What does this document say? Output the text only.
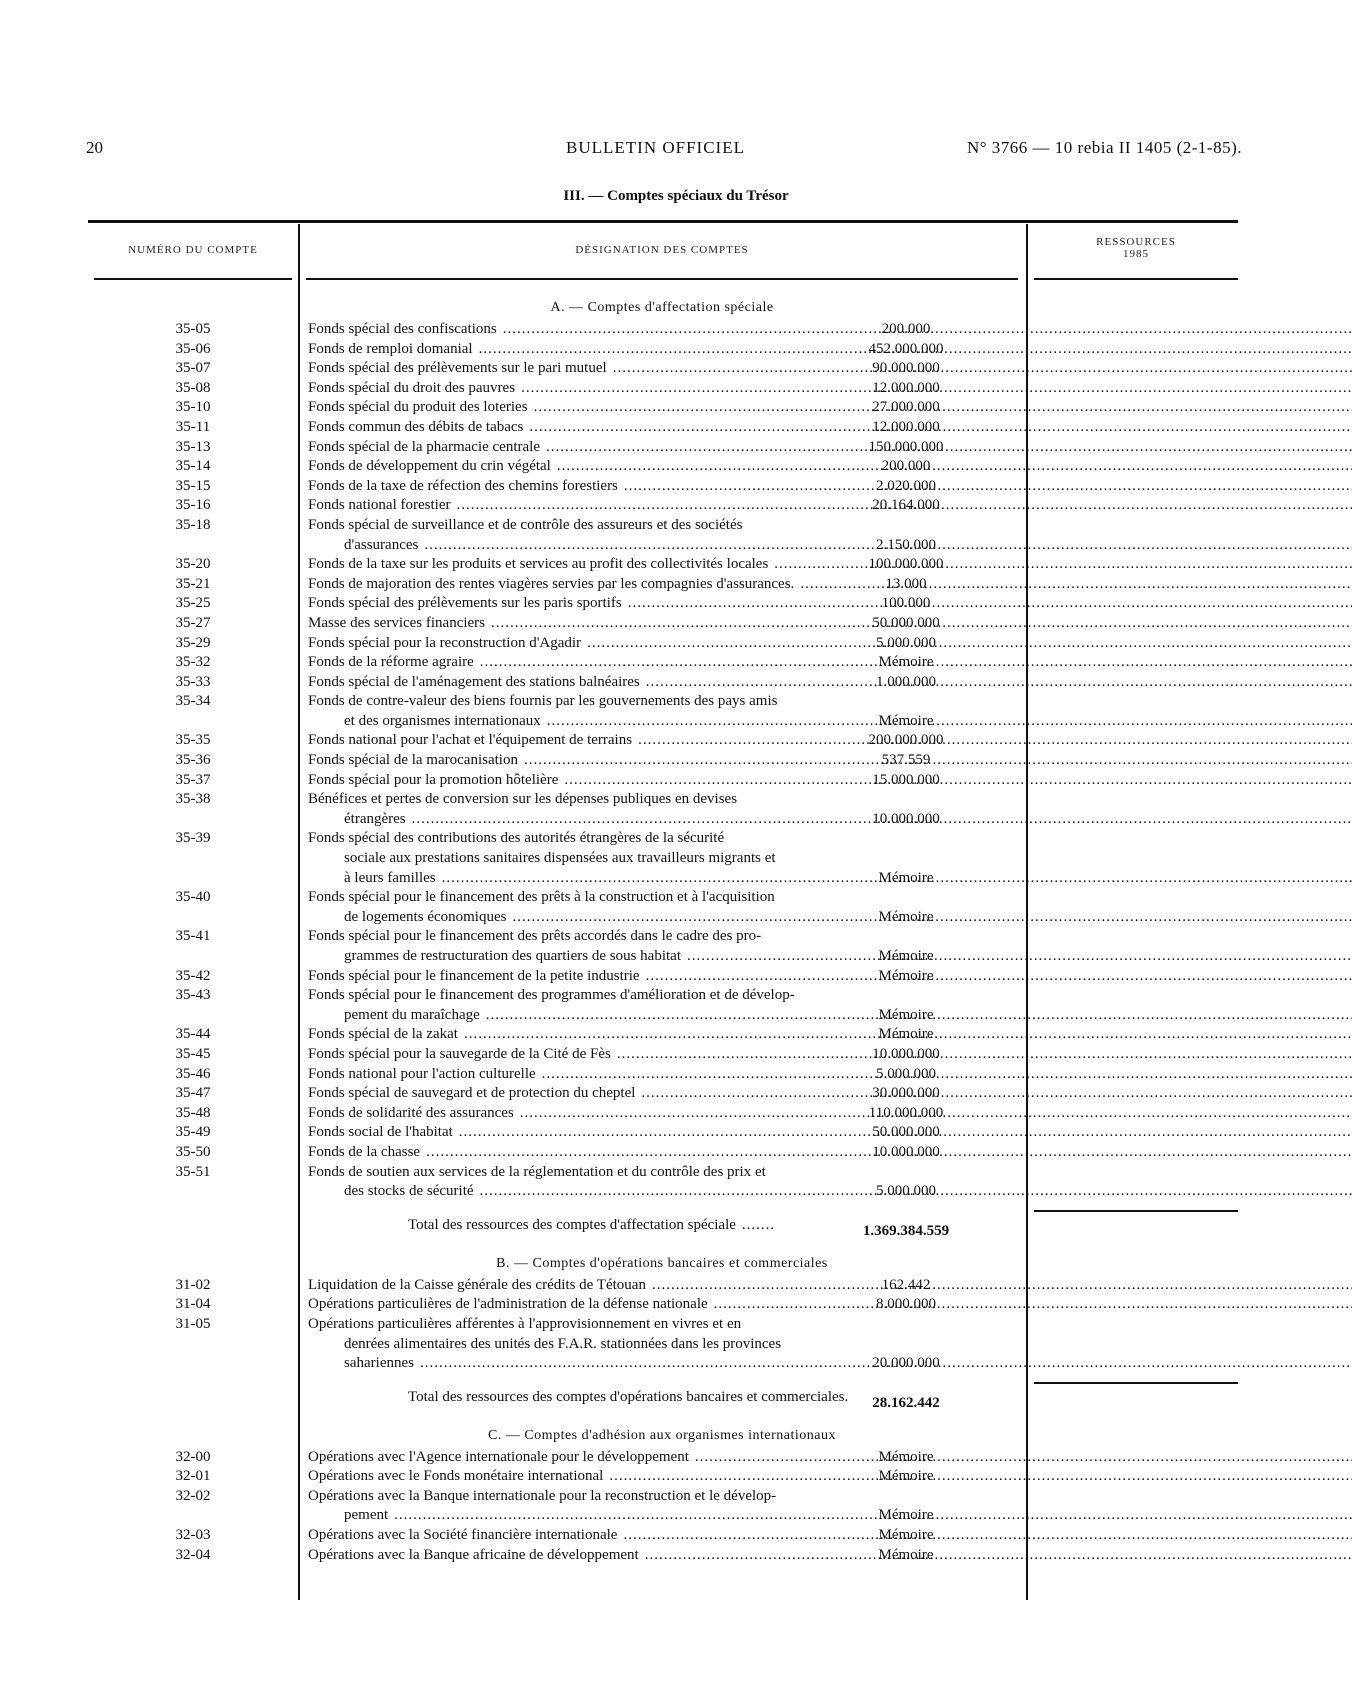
20	BULLETIN OFFICIEL	N° 3766 — 10 rebia II 1405 (2-1-85).
III. — Comptes spéciaux du Trésor
NUMÉRO DU COMPTE	DÉSIGNATION DES COMPTES
RESSOURCES
1985
A. — Comptes d'affectation spéciale
35-05	Fonds spécial des confiscations .....	200.000
35-06	Fonds de remploi domanial .....	452.000.000
35-07	Fonds spécial des prélèvements sur le pari mutuel .....	90.000.000
35-08	Fonds spécial du droit des pauvres .....	12.000.000
35-10	Fonds spécial du produit des loteries .....	27.000.000
35-11	Fonds commun des débits de tabacs .....	12.000.000
35-13	Fonds spécial de la pharmacie centrale .....	150.000.000
35-14	Fonds de développement du crin végétal .....	200.000
35-15	Fonds de la taxe de réfection des chemins forestiers .....	2.020.000
35-16	Fonds national forestier .....	20.164.000
35-18	Fonds spécial de surveillance et de contrôle des assureurs et des sociétés
d'assurances .....	2.150.000
35-20	Fonds de la taxe sur les produits et services au profit des collectivités locales .....	100.000.000
35-21	Fonds de majoration des rentes viagères servies par les compagnies d'assurances. .....	13.000
35-25	Fonds spécial des prélèvements sur les paris sportifs .....	100.000
35-27	Masse des services financiers .....	50.000.000
35-29	Fonds spécial pour la reconstruction d'Agadir .....	5.000.000
35-32	Fonds de la réforme agraire .....	Mémoire
35-33	Fonds spécial de l'aménagement des stations balnéaires .....	1.000.000
35-34	Fonds de contre-valeur des biens fournis par les gouvernements des pays amis
et des organismes internationaux .....	Mémoire
35-35	Fonds national pour l'achat et l'équipement de terrains .....	200.000.000
35-36	Fonds spécial de la marocanisation .....	537.559
35-37	Fonds spécial pour la promotion hôtelière .....	15.000.000
35-38	Bénéfices et pertes de conversion sur les dépenses publiques en devises
étrangères .....	10.000.000
35-39	Fonds spécial des contributions des autorités étrangères de la sécurité
sociale aux prestations sanitaires dispensées aux travailleurs migrants et
à leurs familles .....	Mémoire
35-40	Fonds spécial pour le financement des prêts à la construction et à l'acquisition
de logements économiques .....	Mémoire
35-41	Fonds spécial pour le financement des prêts accordés dans le cadre des pro-
grammes de restructuration des quartiers de sous habitat .....	Mémoire
35-42	Fonds spécial pour le financement de la petite industrie .....	Mémoire
35-43	Fonds spécial pour le financement des programmes d'amélioration et de dévelop-
pement du maraîchage .....	Mémoire
35-44	Fonds spécial de la zakat .....	Mémoire
35-45	Fonds spécial pour la sauvegarde de la Cité de Fès .....	10.000.000
35-46	Fonds national pour l'action culturelle .....	5.000.000
35-47	Fonds spécial de sauvegard et de protection du cheptel .....	30.000.000
35-48	Fonds de solidarité des assurances .....	110.000.000
35-49	Fonds social de l'habitat .....	50.000.000
35-50	Fonds de la chasse .....	10.000.000
35-51	Fonds de soutien aux services de la réglementation et du contrôle des prix et
des stocks de sécurité .....	5.000.000
Total des ressources des comptes d'affectation spéciale .....	1.369.384.559
B. — Comptes d'opérations bancaires et commerciales
31-02	Liquidation de la Caisse générale des crédits de Tétouan .....	162.442
31-04	Opérations particulières de l'administration de la défense nationale .....	8.000.000
31-05	Opérations particulières afférentes à l'approvisionnement en vivres et en
denrées alimentaires des unités des F.A.R. stationnées dans les provinces
sahariennes .....	20.000.000
Total des ressources des comptes d'opérations bancaires et commerciales.	28.162.442
C. — Comptes d'adhésion aux organismes internationaux
32-00	Opérations avec l'Agence internationale pour le développement .....	Mémoire
32-01	Opérations avec le Fonds monétaire international .....	Mémoire
32-02	Opérations avec la Banque internationale pour la reconstruction et le dévelop-
pement .....	Mémoire
32-03	Opérations avec la Société financière internationale .....	Mémoire
32-04	Opérations avec la Banque africaine de développement .....	Mémoire
